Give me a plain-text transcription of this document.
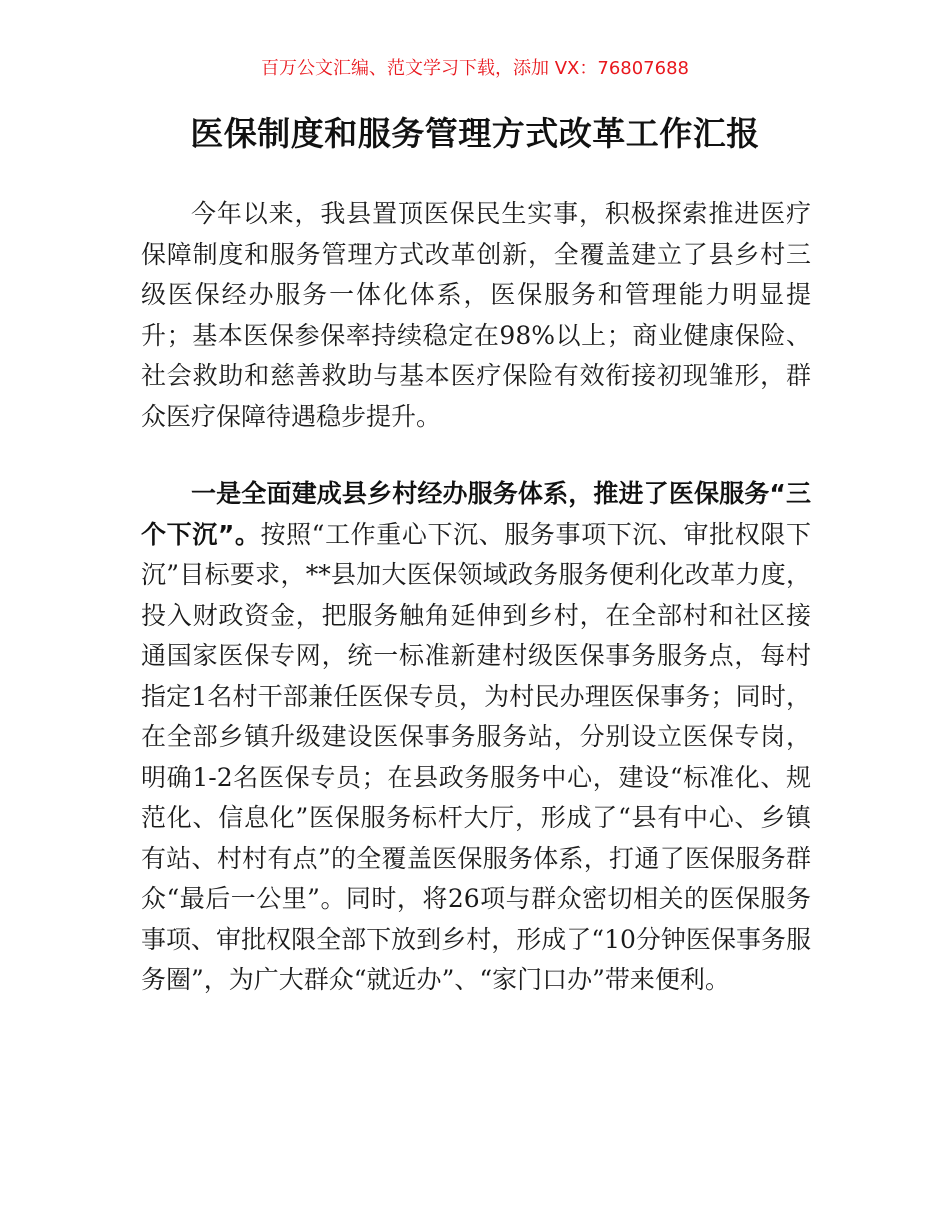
百万公文汇编、范文学习下载，添加 VX：76807688
医保制度和服务管理方式改革工作汇报

今年以来，我县置顶医保民生实事，积极探索推进医疗保障制度和服务管理方式改革创新，全覆盖建立了县乡村三级医保经办服务一体化体系，医保服务和管理能力明显提升；基本医保参保率持续稳定在98%以上；商业健康保险、社会救助和慈善救助与基本医疗保险有效衔接初现雏形，群众医疗保障待遇稳步提升。

一是全面建成县乡村经办服务体系，推进了医保服务“三个下沉”。按照“工作重心下沉、服务事项下沉、审批权限下沉”目标要求，**县加大医保领域政务服务便利化改革力度，投入财政资金，把服务触角延伸到乡村，在全部村和社区接通国家医保专网，统一标准新建村级医保事务服务点，每村指定1名村干部兼任医保专员，为村民办理医保事务；同时，在全部乡镇升级建设医保事务服务站，分别设立医保专岗，明确1-2名医保专员；在县政务服务中心，建设“标准化、规范化、信息化”医保服务标杆大厅，形成了“县有中心、乡镇有站、村村有点”的全覆盖医保服务体系，打通了医保服务群众“最后一公里”。同时，将26项与群众密切相关的医保服务事项、审批权限全部下放到乡村，形成了“10分钟医保事务服务圈”，为广大群众“就近办”、“家门口办”带来便利。
